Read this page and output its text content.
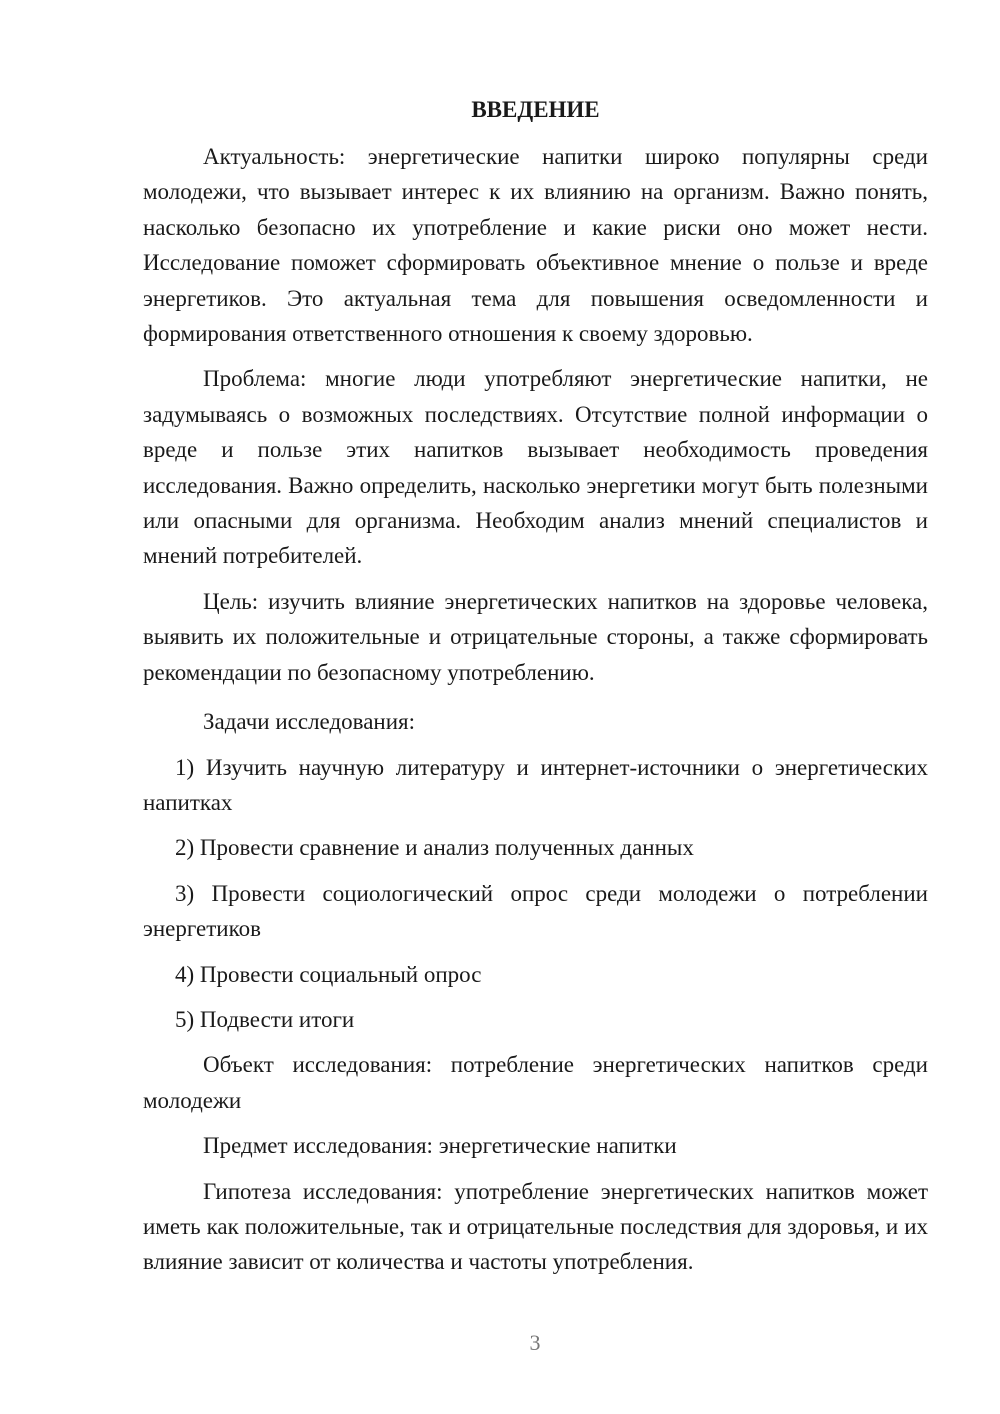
ВВЕДЕНИЕ

Актуальность: энергетические напитки широко популярны среди молодежи, что вызывает интерес к их влиянию на организм. Важно понять, насколько безопасно их употребление и какие риски оно может нести. Исследование поможет сформировать объективное мнение о пользе и вреде энергетиков. Это актуальная тема для повышения осведомленности и формирования ответственного отношения к своему здоровью.

Проблема: многие люди употребляют энергетические напитки, не задумываясь о возможных последствиях. Отсутствие полной информации о вреде и пользе этих напитков вызывает необходимость проведения исследования. Важно определить, насколько энергетики могут быть полезными или опасными для организма. Необходим анализ мнений специалистов и мнений потребителей.

Цель: изучить влияние энергетических напитков на здоровье человека, выявить их положительные и отрицательные стороны, а также сформировать рекомендации по безопасному употреблению.

Задачи исследования:

1) Изучить научную литературу и интернет-источники о энергетических напитках

2) Провести сравнение и анализ полученных данных

3) Провести социологический опрос среди молодежи о потреблении энергетиков

4) Провести социальный опрос

5) Подвести итоги

Объект исследования: потребление энергетических напитков среди молодежи

Предмет исследования: энергетические напитки

Гипотеза исследования: употребление энергетических напитков может иметь как положительные, так и отрицательные последствия для здоровья, и их влияние зависит от количества и частоты употребления.

3
